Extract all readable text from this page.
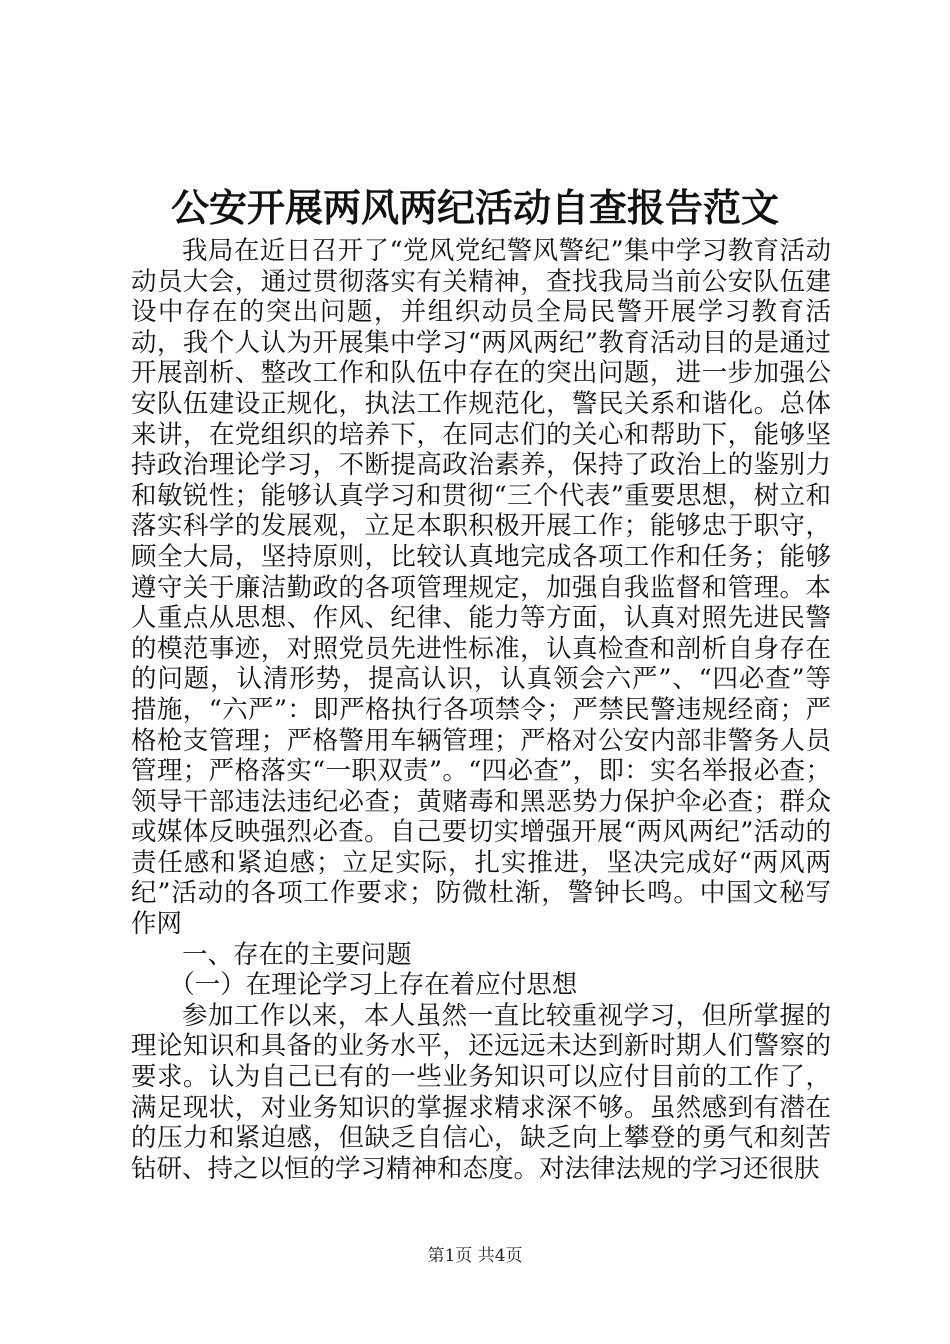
公安开展两风两纪活动自查报告范文

我局在近日召开了“党风党纪警风警纪”集中学习教育活动动员大会，通过贯彻落实有关精神，查找我局当前公安队伍建设中存在的突出问题，并组织动员全局民警开展学习教育活动，我个人认为开展集中学习“两风两纪”教育活动目的是通过开展剖析、整改工作和队伍中存在的突出问题，进一步加强公安队伍建设正规化，执法工作规范化，警民关系和谐化。总体来讲，在党组织的培养下，在同志们的关心和帮助下，能够坚持政治理论学习，不断提高政治素养，保持了政治上的鉴别力和敏锐性；能够认真学习和贯彻“三个代表”重要思想，树立和落实科学的发展观，立足本职积极开展工作；能够忠于职守，顾全大局，坚持原则，比较认真地完成各项工作和任务；能够遵守关于廉洁勤政的各项管理规定，加强自我监督和管理。本人重点从思想、作风、纪律、能力等方面，认真对照先进民警的模范事迹，对照党员先进性标准，认真检查和剖析自身存在的问题，认清形势，提高认识，认真领会六严”、“四必查”等措施，“六严”：即严格执行各项禁令；严禁民警违规经商；严格枪支管理；严格警用车辆管理；严格对公安内部非警务人员管理；严格落实“一职双责”。“四必查”，即：实名举报必查；领导干部违法违纪必查；黄赌毒和黑恶势力保护伞必查；群众或媒体反映强烈必查。自己要切实增强开展“两风两纪”活动的责任感和紧迫感；立足实际，扎实推进，坚决完成好“两风两纪”活动的各项工作要求；防微杜渐，警钟长鸣。中国文秘写作网

一、存在的主要问题

（一）在理论学习上存在着应付思想

参加工作以来，本人虽然一直比较重视学习，但所掌握的理论知识和具备的业务水平，还远远未达到新时期人们警察的要求。认为自己已有的一些业务知识可以应付目前的工作了，满足现状，对业务知识的掌握求精求深不够。虽然感到有潜在的压力和紧迫感，但缺乏自信心，缺乏向上攀登的勇气和刻苦钻研、持之以恒的学习精神和态度。对法律法规的学习还很肤

第1页 共4页
